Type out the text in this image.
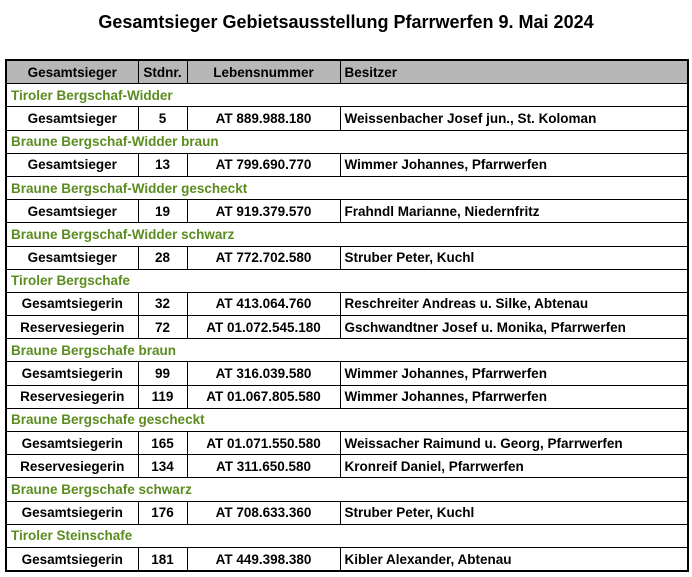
Gesamtsieger Gebietsausstellung Pfarrwerfen 9. Mai 2024
Gesamtsieger	Stdnr.	Lebensnummer	Besitzer
Tiroler Bergschaf-Widder			
Gesamtsieger	5	AT 889.988.180	Weissenbacher Josef jun., St. Koloman
Braune Bergschaf-Widder braun			
Gesamtsieger	13	AT 799.690.770	Wimmer Johannes, Pfarrwerfen
Braune Bergschaf-Widder gescheckt			
Gesamtsieger	19	AT 919.379.570	Frahndl Marianne, Niedernfritz
Braune Bergschaf-Widder schwarz			
Gesamtsieger	28	AT 772.702.580	Struber Peter, Kuchl
Tiroler Bergschafe			
Gesamtsiegerin	32	AT 413.064.760	Reschreiter Andreas u. Silke, Abtenau
Reservesiegerin	72	AT 01.072.545.180	Gschwandtner Josef u. Monika, Pfarrwerfen
Braune Bergschafe braun			
Gesamtsiegerin	99	AT 316.039.580	Wimmer Johannes, Pfarrwerfen
Reservesiegerin	119	AT 01.067.805.580	Wimmer Johannes, Pfarrwerfen
Braune Bergschafe gescheckt			
Gesamtsiegerin	165	AT 01.071.550.580	Weissacher Raimund u. Georg, Pfarrwerfen
Reservesiegerin	134	AT 311.650.580	Kronreif Daniel, Pfarrwerfen
Braune Bergschafe schwarz			
Gesamtsiegerin	176	AT 708.633.360	Struber Peter, Kuchl
Tiroler Steinschafe			
Gesamtsiegerin	181	AT 449.398.380	Kibler Alexander, Abtenau
